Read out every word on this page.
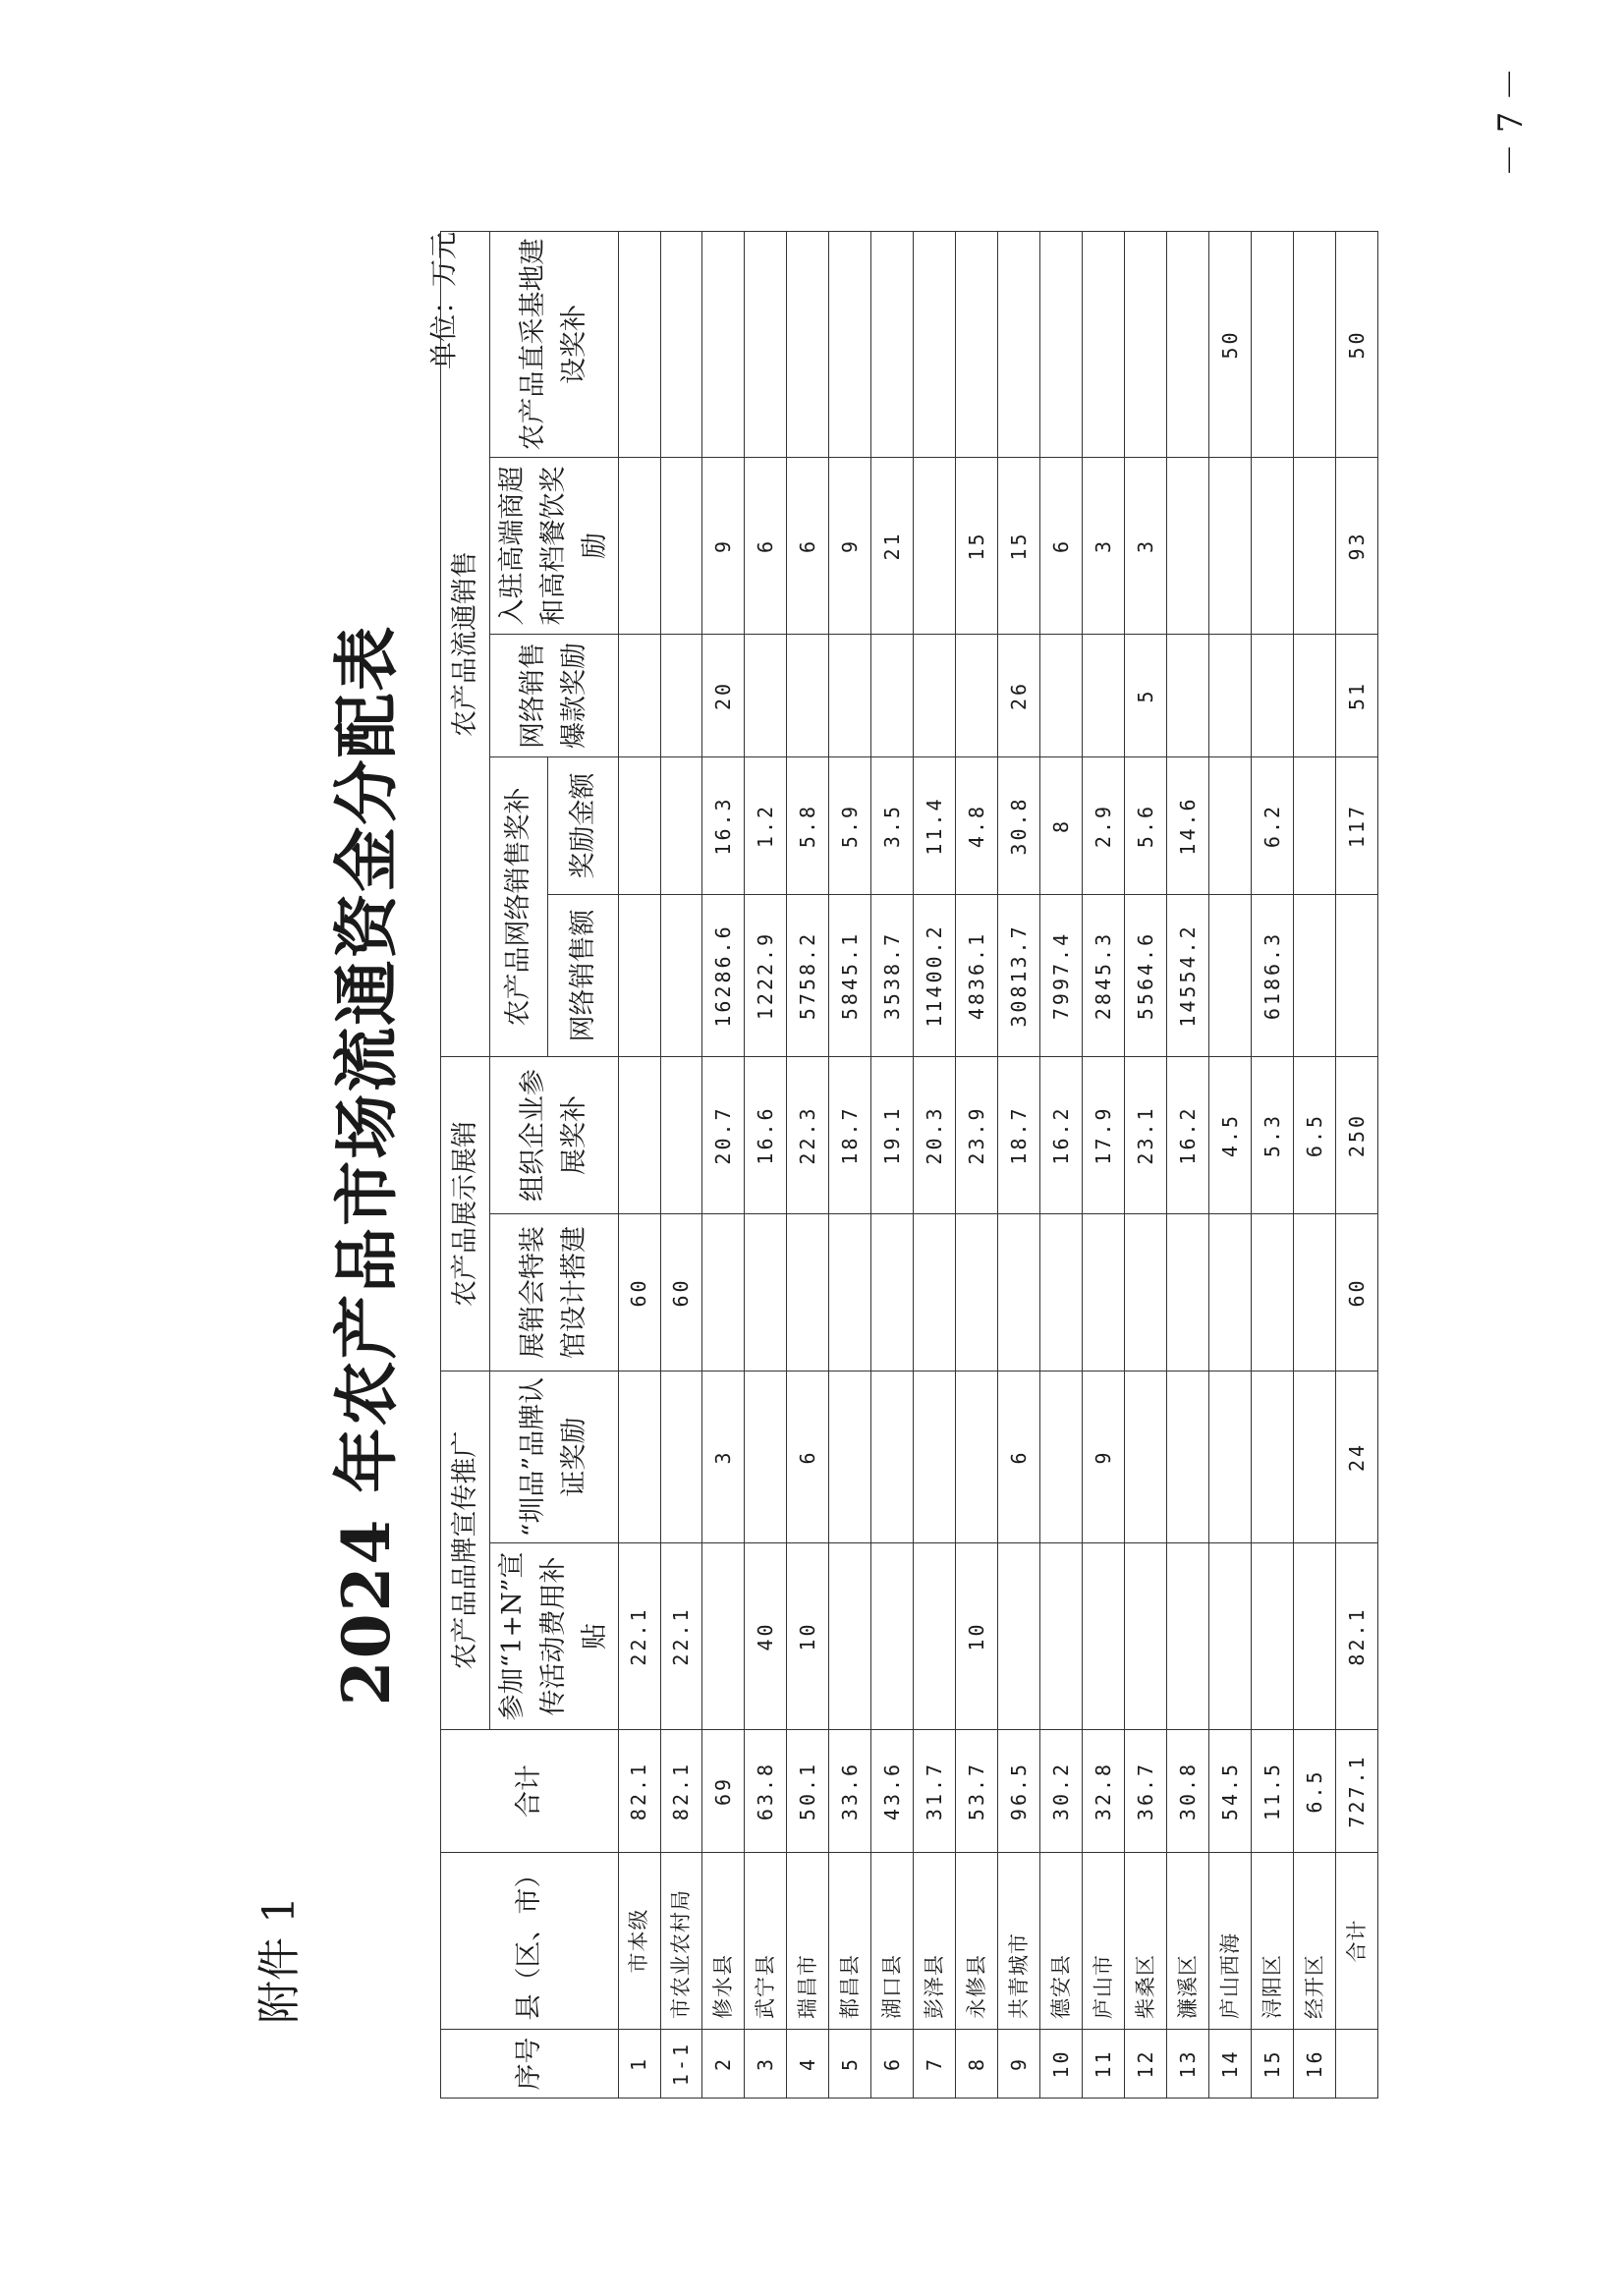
附件 1
－ 7 －
2024 年农产品市场流通资金分配表
单位：万元
序号	县（区、市）	合计	农产品品牌宣传推广		农产品展示展销		农产品流通销售				
			参加“1+N”宣传活动费用补贴	“圳品”品牌认证奖励	展销会特装馆设计搭建	组织企业参展奖补	农产品网络销售奖补		网络销售爆款奖励	入驻高端商超和高档餐饮奖励	农产品直采基地建设奖补
							网络销售额	奖励金额			
1	市本级	82.1	22.1		60						
1-1	市农业农村局	82.1	22.1		60						
2	修水县	69		3		20.7	16286.6	16.3	20	9	
3	武宁县	63.8	40			16.6	1222.9	1.2		6	
4	瑞昌市	50.1	10	6		22.3	5758.2	5.8		6	
5	都昌县	33.6				18.7	5845.1	5.9		9	
6	湖口县	43.6				19.1	3538.7	3.5		21	
7	彭泽县	31.7				20.3	11400.2	11.4			
8	永修县	53.7	10			23.9	4836.1	4.8		15	
9	共青城市	96.5		6		18.7	30813.7	30.8	26	15	
10	德安县	30.2				16.2	7997.4	8		6	
11	庐山市	32.8		9		17.9	2845.3	2.9		3	
12	柴桑区	36.7				23.1	5564.6	5.6	5	3	
13	濂溪区	30.8				16.2	14554.2	14.6			
14	庐山西海	54.5				4.5					50
15	浔阳区	11.5				5.3	6186.3	6.2			
16	经开区	6.5				6.5					
	合计	727.1	82.1	24	60	250		117	51	93	50
